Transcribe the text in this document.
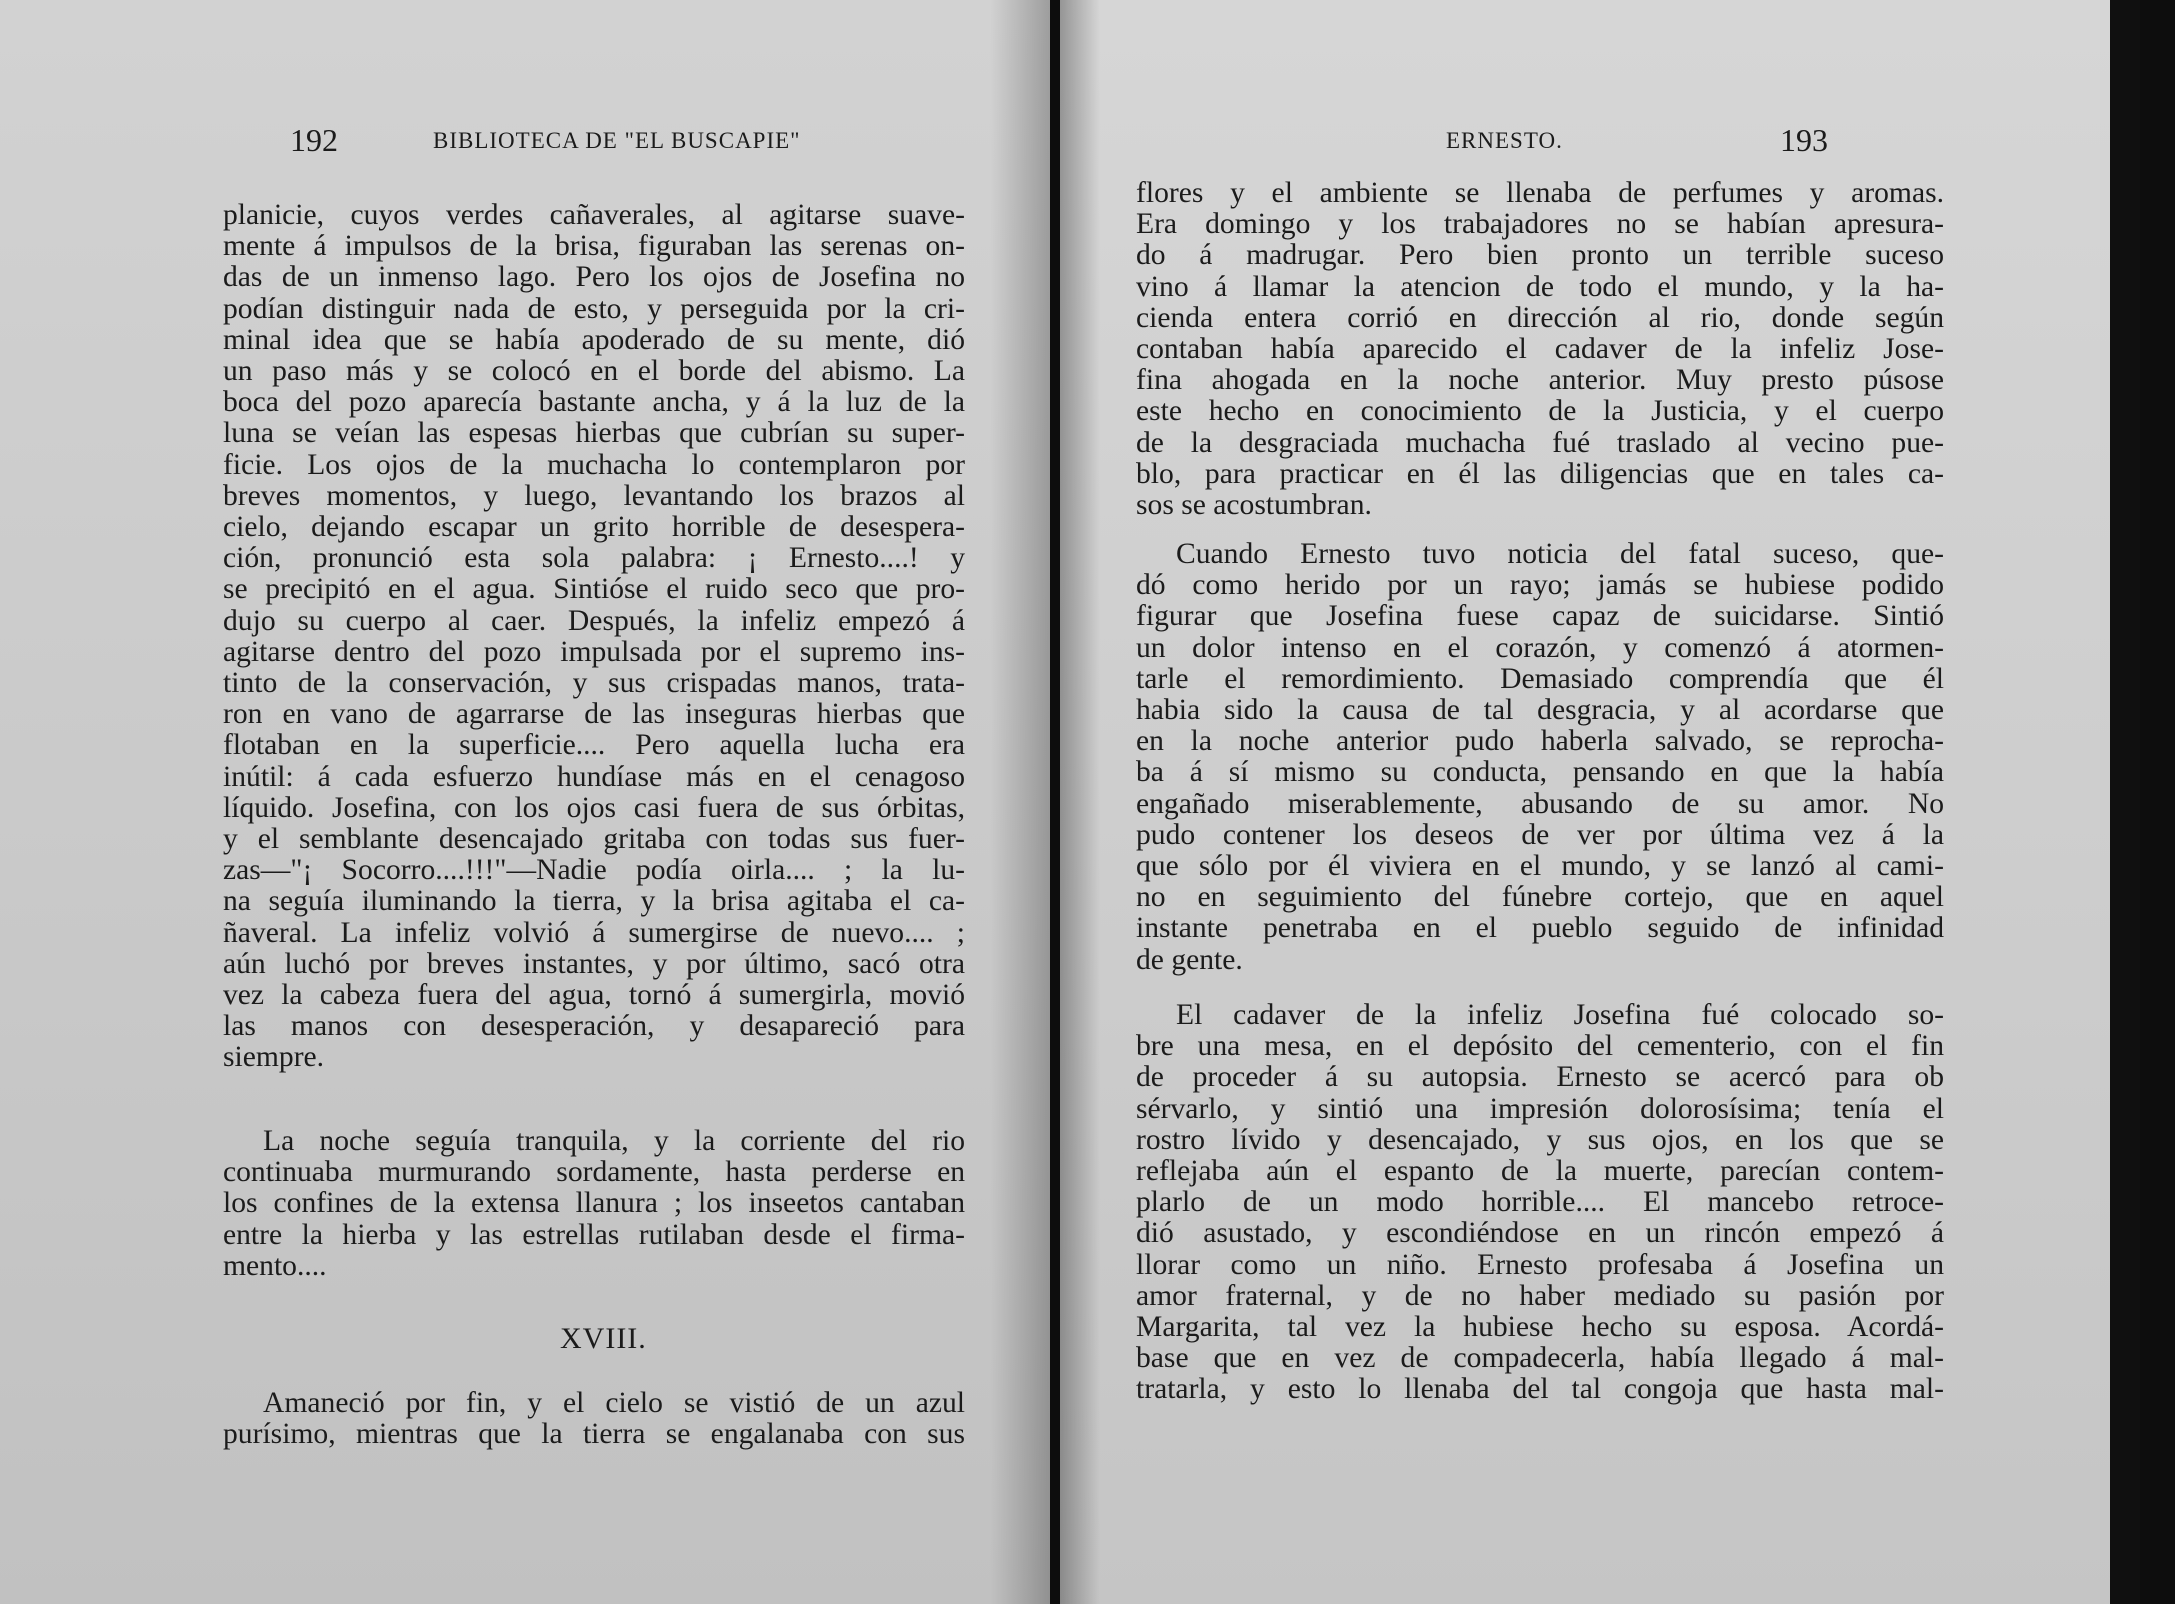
192	BIBLIOTECA DE "EL BUSCAPIE"
planicie, cuyos verdes cañaverales, al agitarse suave-
mente á impulsos de la brisa, figuraban las serenas on-
das de un inmenso lago. Pero los ojos de Josefina no
podían distinguir nada de esto, y perseguida por la cri-
minal idea que se había apoderado de su mente, dió
un paso más y se colocó en el borde del abismo. La
boca del pozo aparecía bastante ancha, y á la luz de la
luna se veían las espesas hierbas que cubrían su super-
ficie. Los ojos de la muchacha lo contemplaron por
breves momentos, y luego, levantando los brazos al
cielo, dejando escapar un grito horrible de desespera-
ción, pronunció esta sola palabra: ¡ Ernesto....! y
se precipitó en el agua. Sintióse el ruido seco que pro-
dujo su cuerpo al caer. Después, la infeliz empezó á
agitarse dentro del pozo impulsada por el supremo ins-
tinto de la conservación, y sus crispadas manos, trata-
ron en vano de agarrarse de las inseguras hierbas que
flotaban en la superficie.... Pero aquella lucha era
inútil: á cada esfuerzo hundíase más en el cenagoso
líquido. Josefina, con los ojos casi fuera de sus órbitas,
y el semblante desencajado gritaba con todas sus fuer-
zas—"¡ Socorro....!!!"—Nadie podía oirla.... ; la lu-
na seguía iluminando la tierra, y la brisa agitaba el ca-
ñaveral. La infeliz volvió á sumergirse de nuevo.... ;
aún luchó por breves instantes, y por último, sacó otra
vez la cabeza fuera del agua, tornó á sumergirla, movió
las manos con desesperación, y desapareció para
siempre.
La noche seguía tranquila, y la corriente del rio
continuaba murmurando sordamente, hasta perderse en
los confines de la extensa llanura ; los inseetos cantaban
entre la hierba y las estrellas rutilaban desde el firma-
mento....
XVIII.
Amaneció por fin, y el cielo se vistió de un azul
purísimo, mientras que la tierra se engalanaba con sus
ERNESTO.	193
flores y el ambiente se llenaba de perfumes y aromas.
Era domingo y los trabajadores no se habían apresura-
do á madrugar. Pero bien pronto un terrible suceso
vino á llamar la atencion de todo el mundo, y la ha-
cienda entera corrió en dirección al rio, donde según
contaban había aparecido el cadaver de la infeliz Jose-
fina ahogada en la noche anterior. Muy presto púsose
este hecho en conocimiento de la Justicia, y el cuerpo
de la desgraciada muchacha fué traslado al vecino pue-
blo, para practicar en él las diligencias que en tales ca-
sos se acostumbran.
Cuando Ernesto tuvo noticia del fatal suceso, que-
dó como herido por un rayo; jamás se hubiese podido
figurar que Josefina fuese capaz de suicidarse. Sintió
un dolor intenso en el corazón, y comenzó á atormen-
tarle el remordimiento. Demasiado comprendía que él
habia sido la causa de tal desgracia, y al acordarse que
en la noche anterior pudo haberla salvado, se reprocha-
ba á sí mismo su conducta, pensando en que la había
engañado miserablemente, abusando de su amor. No
pudo contener los deseos de ver por última vez á la
que sólo por él viviera en el mundo, y se lanzó al cami-
no en seguimiento del fúnebre cortejo, que en aquel
instante penetraba en el pueblo seguido de infinidad
de gente.
El cadaver de la infeliz Josefina fué colocado so-
bre una mesa, en el depósito del cementerio, con el fin
de proceder á su autopsia. Ernesto se acercó para ob
sérvarlo, y sintió una impresión dolorosísima; tenía el
rostro lívido y desencajado, y sus ojos, en los que se
reflejaba aún el espanto de la muerte, parecían contem-
plarlo de un modo horrible.... El mancebo retroce-
dió asustado, y escondiéndose en un rincón empezó á
llorar como un niño. Ernesto profesaba á Josefina un
amor fraternal, y de no haber mediado su pasión por
Margarita, tal vez la hubiese hecho su esposa. Acordá-
base que en vez de compadecerla, había llegado á mal-
tratarla, y esto lo llenaba del tal congoja que hasta mal-
